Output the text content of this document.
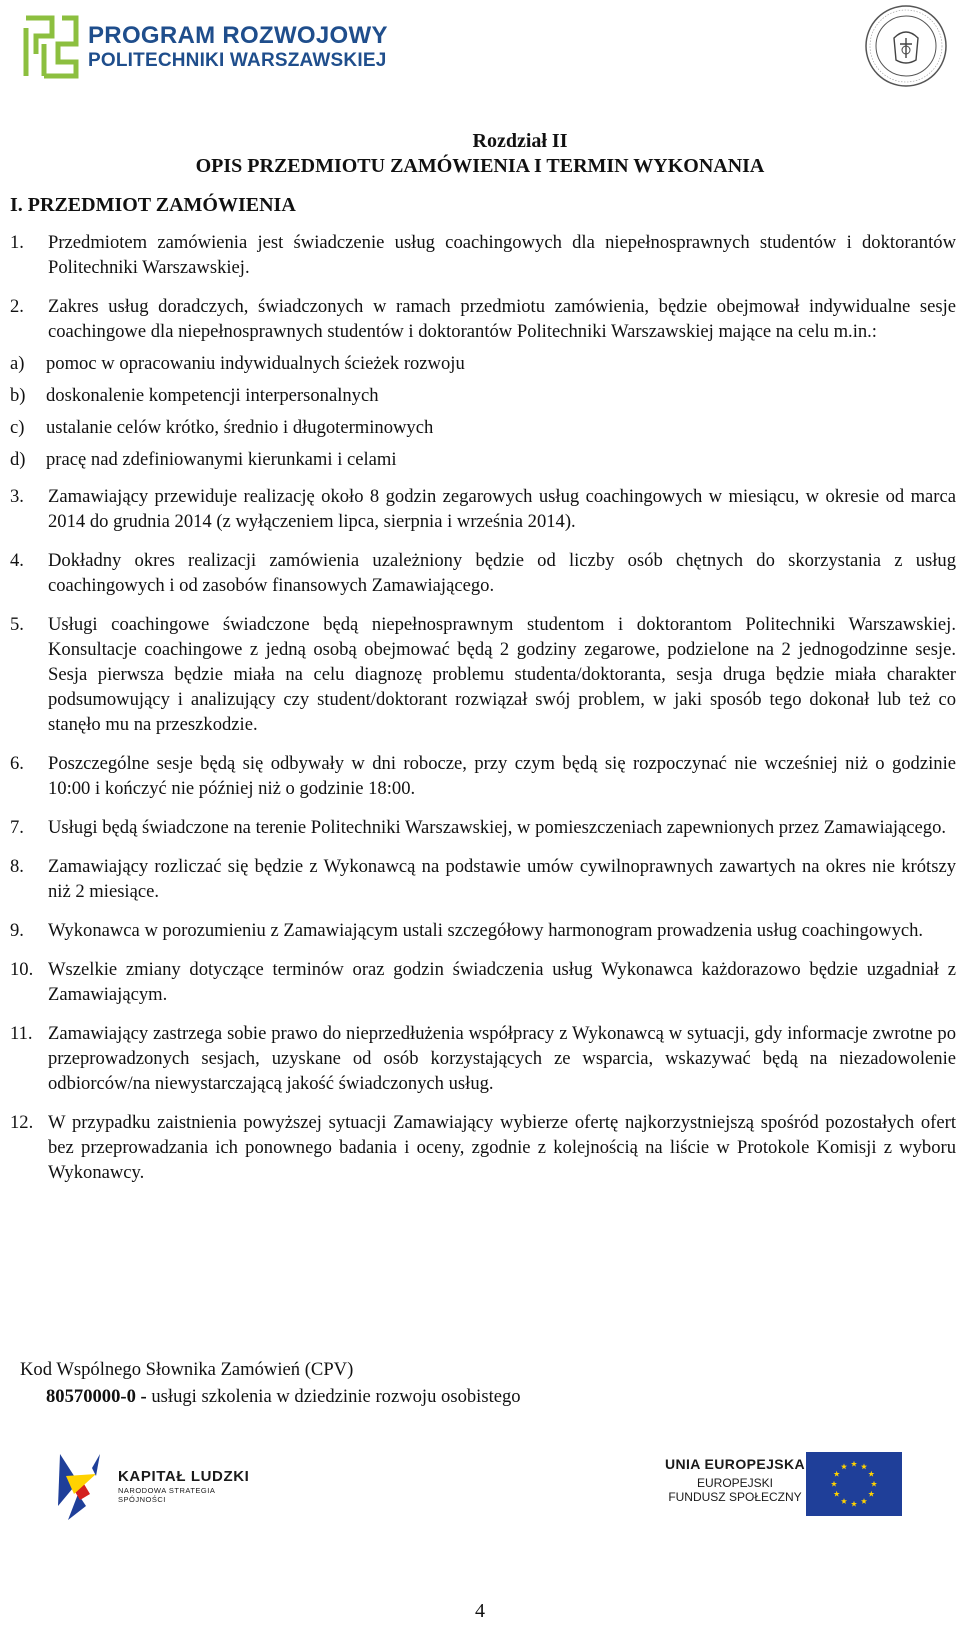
PROGRAM ROZWOJOWY
POLITECHNIKI WARSZAWSKIEJ
Rozdział II
OPIS PRZEDMIOTU ZAMÓWIENIA I TERMIN WYKONANIA
I. PRZEDMIOT ZAMÓWIENIA
1.	Przedmiotem zamówienia jest świadczenie usług coachingowych dla niepełnosprawnych studentów i doktorantów Politechniki Warszawskiej.
2.	Zakres usług doradczych, świadczonych w ramach przedmiotu zamówienia, będzie obejmował indywidualne sesje coachingowe dla niepełnosprawnych studentów i doktorantów Politechniki Warszawskiej mające na celu m.in.:
a)	pomoc w opracowaniu indywidualnych ścieżek rozwoju
b)	doskonalenie kompetencji interpersonalnych
c)	ustalanie celów krótko, średnio i długoterminowych
d)	pracę nad zdefiniowanymi kierunkami i celami
3.	Zamawiający przewiduje realizację około 8 godzin zegarowych usług coachingowych w miesiącu, w okresie od marca 2014 do grudnia 2014 (z wyłączeniem lipca, sierpnia i września 2014).
4.	Dokładny okres realizacji zamówienia uzależniony będzie od liczby osób chętnych do skorzystania z usług coachingowych i od zasobów finansowych Zamawiającego.
5.	Usługi coachingowe świadczone będą niepełnosprawnym studentom i doktorantom Politechniki Warszawskiej. Konsultacje coachingowe z jedną osobą obejmować będą 2 godziny zegarowe, podzielone na 2 jednogodzinne sesje. Sesja pierwsza będzie miała na celu diagnozę problemu studenta/doktoranta, sesja druga będzie miała charakter podsumowujący i analizujący czy student/doktorant rozwiązał swój problem, w jaki sposób tego dokonał lub też co stanęło mu na przeszkodzie.
6.	Poszczególne sesje będą się odbywały w dni robocze, przy czym będą się rozpoczynać nie wcześniej niż o godzinie 10:00 i kończyć nie później niż o godzinie 18:00.
7.	Usługi będą świadczone na terenie Politechniki Warszawskiej, w pomieszczeniach zapewnionych przez Zamawiającego.
8.	Zamawiający rozliczać się będzie z Wykonawcą na podstawie umów cywilnoprawnych zawartych na okres nie krótszy niż 2 miesiące.
9.	Wykonawca w porozumieniu z Zamawiającym ustali szczegółowy harmonogram prowadzenia usług coachingowych.
10. Wszelkie zmiany dotyczące terminów oraz godzin świadczenia usług Wykonawca każdorazowo będzie uzgadniał z Zamawiającym.
11. Zamawiający zastrzega sobie prawo do nieprzedłużenia współpracy z Wykonawcą w sytuacji, gdy informacje zwrotne po przeprowadzonych sesjach, uzyskane od osób korzystających ze wsparcia, wskazywać będą na niezadowolenie odbiorców/na niewystarczającą jakość świadczonych usług.
12. W przypadku zaistnienia powyższej sytuacji Zamawiający wybierze ofertę najkorzystniejszą spośród pozostałych ofert bez przeprowadzania ich ponownego badania i oceny, zgodnie z kolejnością na liście w Protokole Komisji z wyboru Wykonawcy.
Kod Wspólnego Słownika Zamówień (CPV)
80570000-0 - usługi szkolenia w dziedzinie rozwoju osobistego
KAPITAŁ LUDZKI
NARODOWA STRATEGIA SPÓJNOŚCI
UNIA EUROPEJSKA
EUROPEJSKI
FUNDUSZ SPOŁECZNY
4
